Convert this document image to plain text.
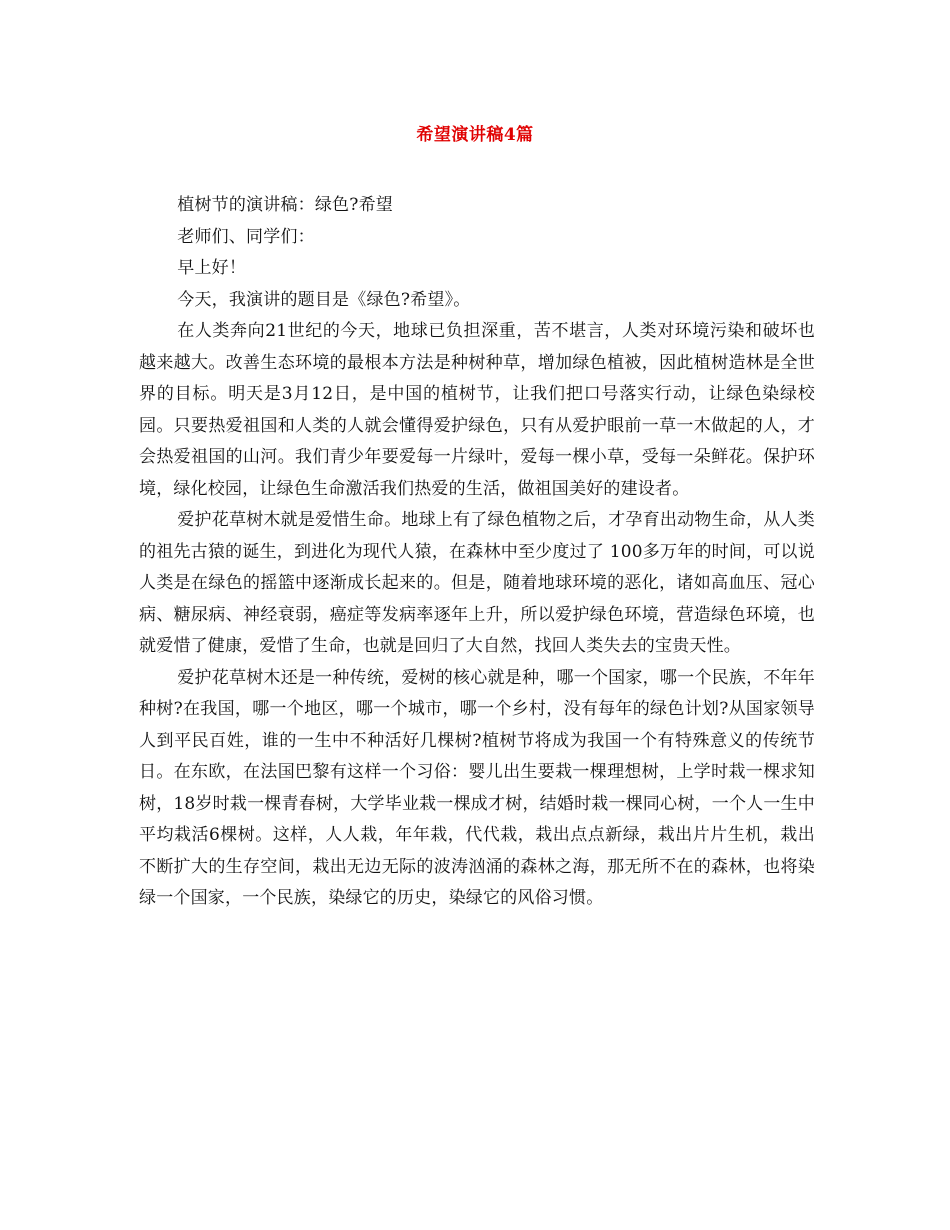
希望演讲稿4篇

植树节的演讲稿：绿色?希望

老师们、同学们：

早上好！

今天，我演讲的题目是《绿色?希望》。

在人类奔向21世纪的今天，地球已负担深重，苦不堪言，人类对环境污染和破坏也越来越大。改善生态环境的最根本方法是种树种草，增加绿色植被，因此植树造林是全世界的目标。明天是3月12日，是中国的植树节，让我们把口号落实行动，让绿色染绿校园。只要热爱祖国和人类的人就会懂得爱护绿色，只有从爱护眼前一草一木做起的人，才会热爱祖国的山河。我们青少年要爱每一片绿叶，爱每一棵小草，受每一朵鲜花。保护环境，绿化校园，让绿色生命激活我们热爱的生活，做祖国美好的建设者。

爱护花草树木就是爱惜生命。地球上有了绿色植物之后，才孕育出动物生命，从人类的祖先古猿的诞生，到进化为现代人猿，在森林中至少度过了 100多万年的时间，可以说人类是在绿色的摇篮中逐渐成长起来的。但是，随着地球环境的恶化，诸如高血压、冠心病、糖尿病、神经衰弱，癌症等发病率逐年上升，所以爱护绿色环境，营造绿色环境，也就爱惜了健康，爱惜了生命，也就是回归了大自然，找回人类失去的宝贵天性。

爱护花草树木还是一种传统，爱树的核心就是种，哪一个国家，哪一个民族，不年年种树?在我国，哪一个地区，哪一个城市，哪一个乡村，没有每年的绿色计划?从国家领导人到平民百姓，谁的一生中不种活好几棵树?植树节将成为我国一个有特殊意义的传统节日。在东欧，在法国巴黎有这样一个习俗：婴儿出生要栽一棵理想树，上学时栽一棵求知树，18岁时栽一棵青春树，大学毕业栽一棵成才树，结婚时栽一棵同心树，一个人一生中平均栽活6棵树。这样，人人栽，年年栽，代代栽，栽出点点新绿，栽出片片生机，栽出不断扩大的生存空间，栽出无边无际的波涛汹涌的森林之海，那无所不在的森林，也将染绿一个国家，一个民族，染绿它的历史，染绿它的风俗习惯。
